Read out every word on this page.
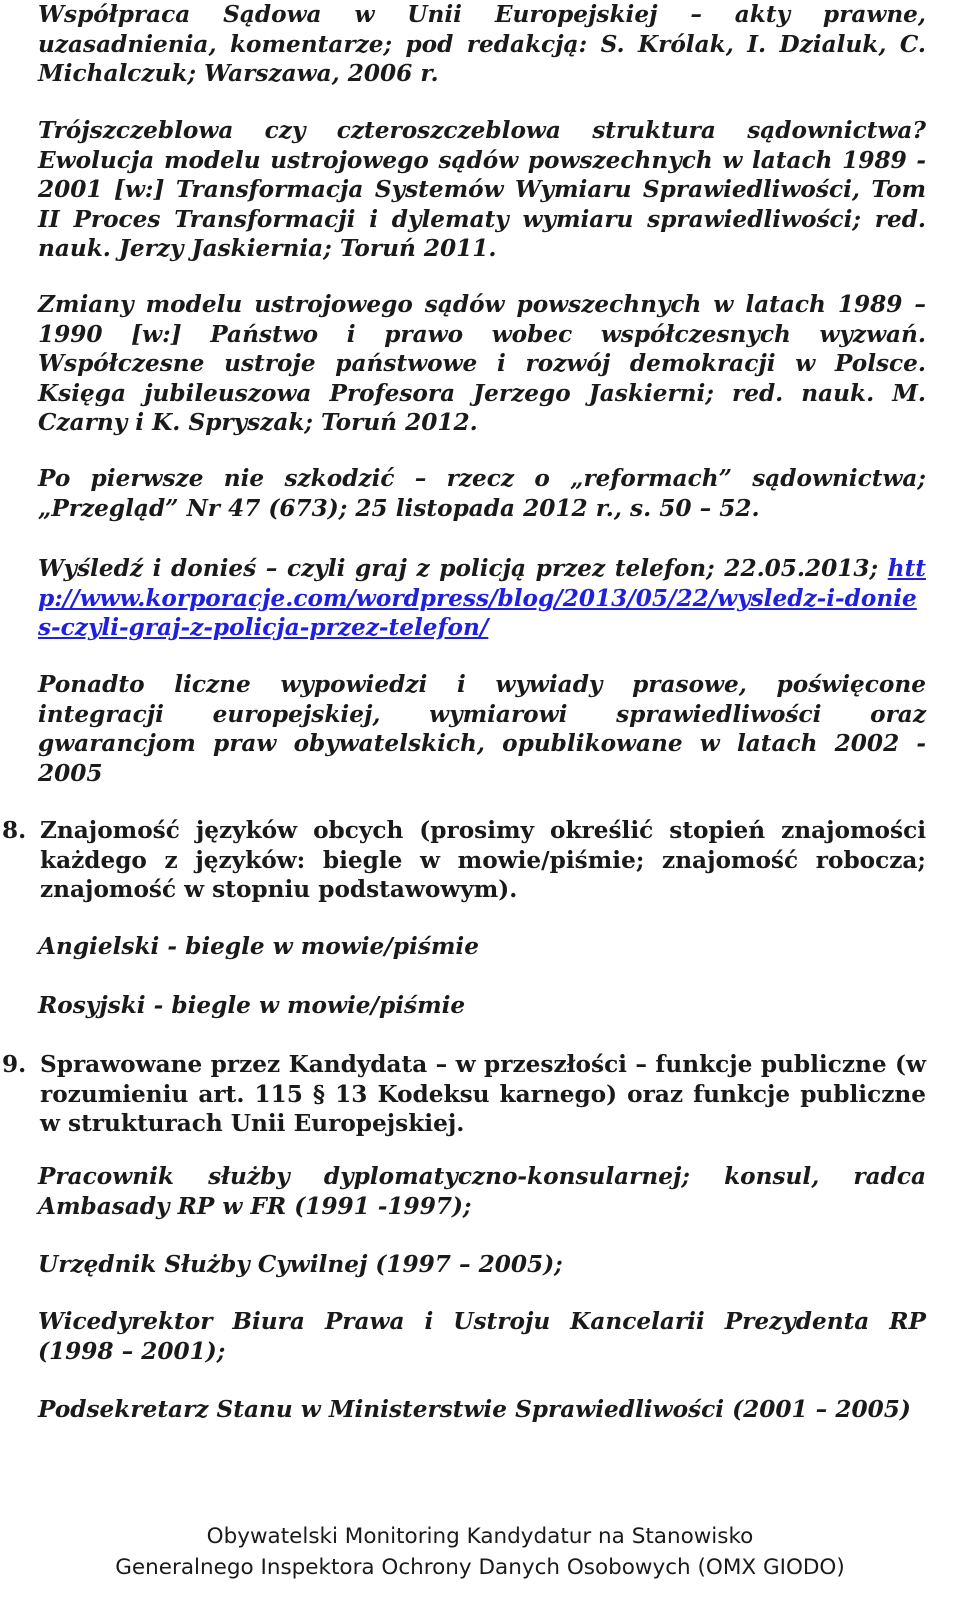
Współpraca Sądowa w Unii Europejskiej – akty prawne, uzasadnienia, komentarze; pod redakcją: S. Królak, I. Dzialuk, C. Michalczuk; Warszawa, 2006 r.

Trójszczeblowa czy czteroszczeblowa struktura sądownictwa? Ewolucja modelu ustrojowego sądów powszechnych w latach 1989 - 2001 [w:] Transformacja Systemów Wymiaru Sprawiedliwości, Tom II Proces Transformacji i dylematy wymiaru sprawiedliwości; red. nauk. Jerzy Jaskiernia; Toruń 2011.

Zmiany modelu ustrojowego sądów powszechnych w latach 1989 – 1990 [w:] Państwo i prawo wobec współczesnych wyzwań. Współczesne ustroje państwowe i rozwój demokracji w Polsce. Księga jubileuszowa Profesora Jerzego Jaskierni; red. nauk. M. Czarny i K. Spryszak; Toruń 2012.

Po pierwsze nie szkodzić – rzecz o „reformach” sądownictwa; „Przegląd” Nr 47 (673); 25 listopada 2012 r., s. 50 – 52.

Wyśledź i donieś – czyli graj z policją przez telefon; 22.05.2013; http://www.korporacje.com/wordpress/blog/2013/05/22/wysledz-i-donies-czyli-graj-z-policja-przez-telefon/

Ponadto liczne wypowiedzi i wywiady prasowe, poświęcone integracji europejskiej, wymiarowi sprawiedliwości oraz gwarancjom praw obywatelskich, opublikowane w latach 2002 - 2005

8. Znajomość języków obcych (prosimy określić stopień znajomości każdego z języków: biegle w mowie/piśmie; znajomość robocza; znajomość w stopniu podstawowym).

Angielski - biegle w mowie/piśmie

Rosyjski - biegle w mowie/piśmie

9. Sprawowane przez Kandydata – w przeszłości – funkcje publiczne (w rozumieniu art. 115 § 13 Kodeksu karnego) oraz funkcje publiczne w strukturach Unii Europejskiej.

Pracownik służby dyplomatyczno-konsularnej; konsul, radca Ambasady RP w FR (1991 -1997);

Urzędnik Służby Cywilnej (1997 – 2005);

Wicedyrektor Biura Prawa i Ustroju Kancelarii Prezydenta RP (1998 – 2001);

Podsekretarz Stanu w Ministerstwie Sprawiedliwości (2001 – 2005)

Obywatelski Monitoring Kandydatur na Stanowisko
Generalnego Inspektora Ochrony Danych Osobowych (OMX GIODO)
